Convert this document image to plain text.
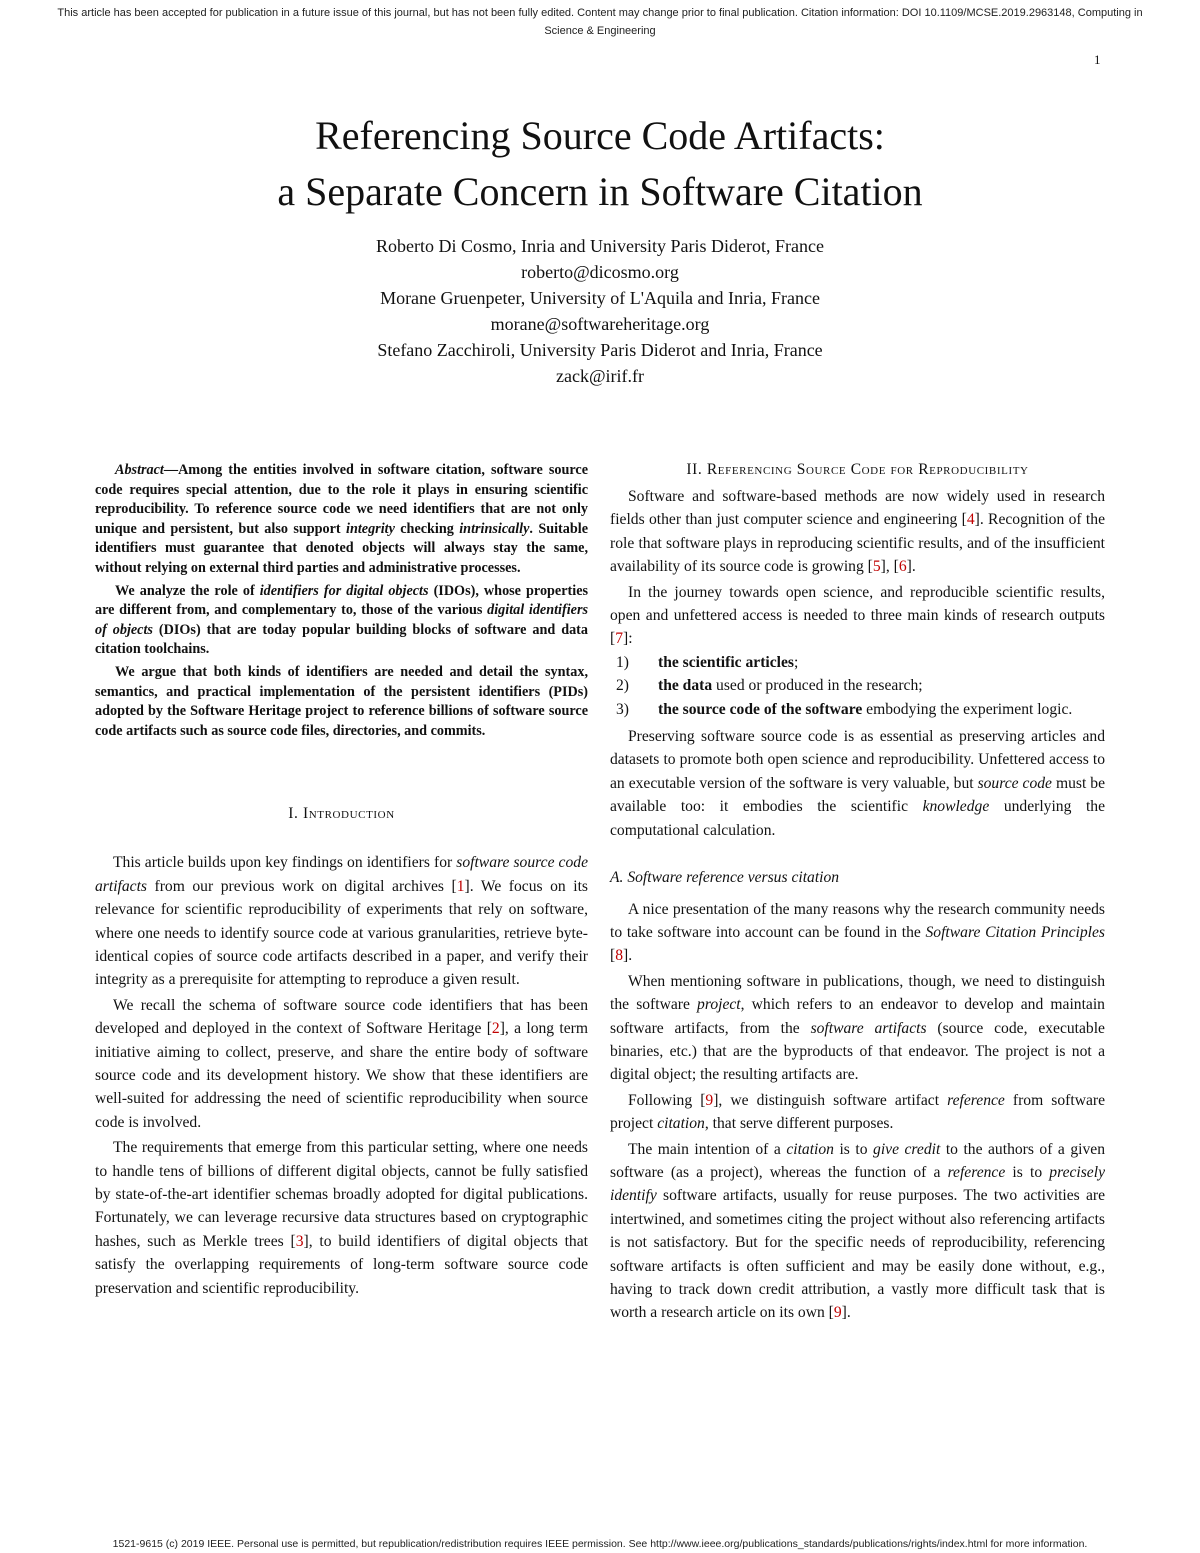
This article has been accepted for publication in a future issue of this journal, but has not been fully edited. Content may change prior to final publication. Citation information: DOI 10.1109/MCSE.2019.2963148, Computing in
Science & Engineering
1
Referencing Source Code Artifacts:
a Separate Concern in Software Citation
Roberto Di Cosmo, Inria and University Paris Diderot, France
roberto@dicosmo.org
Morane Gruenpeter, University of L'Aquila and Inria, France
morane@softwareheritage.org
Stefano Zacchiroli, University Paris Diderot and Inria, France
zack@irif.fr

Abstract—Among the entities involved in software citation, software source code requires special attention, due to the role it plays in ensuring scientific reproducibility. To reference source code we need identifiers that are not only unique and persistent, but also support integrity checking intrinsically. Suitable identifiers must guarantee that denoted objects will always stay the same, without relying on external third parties and administrative processes.

We analyze the role of identifiers for digital objects (IDOs), whose properties are different from, and complementary to, those of the various digital identifiers of objects (DIOs) that are today popular building blocks of software and data citation toolchains.

We argue that both kinds of identifiers are needed and detail the syntax, semantics, and practical implementation of the persistent identifiers (PIDs) adopted by the Software Heritage project to reference billions of software source code artifacts such as source code files, directories, and commits.

I. Introduction

This article builds upon key findings on identifiers for software source code artifacts from our previous work on digital archives [1]. We focus on its relevance for scientific reproducibility of experiments that rely on software, where one needs to identify source code at various granularities, retrieve byte-identical copies of source code artifacts described in a paper, and verify their integrity as a prerequisite for attempting to reproduce a given result.

We recall the schema of software source code identifiers that has been developed and deployed in the context of Software Heritage [2], a long term initiative aiming to collect, preserve, and share the entire body of software source code and its development history. We show that these identifiers are well-suited for addressing the need of scientific reproducibility when source code is involved.

The requirements that emerge from this particular setting, where one needs to handle tens of billions of different digital objects, cannot be fully satisfied by state-of-the-art identifier schemas broadly adopted for digital publications. Fortunately, we can leverage recursive data structures based on cryptographic hashes, such as Merkle trees [3], to build identifiers of digital objects that satisfy the overlapping requirements of long-term software source code preservation and scientific reproducibility.

II. Referencing Source Code for Reproducibility

Software and software-based methods are now widely used in research fields other than just computer science and engineering [4]. Recognition of the role that software plays in reproducing scientific results, and of the insufficient availability of its source code is growing [5], [6].

In the journey towards open science, and reproducible scientific results, open and unfettered access is needed to three main kinds of research outputs [7]:

1) the scientific articles;
2) the data used or produced in the research;
3) the source code of the software embodying the experiment logic.

Preserving software source code is as essential as preserving articles and datasets to promote both open science and reproducibility. Unfettered access to an executable version of the software is very valuable, but source code must be available too: it embodies the scientific knowledge underlying the computational calculation.

A. Software reference versus citation

A nice presentation of the many reasons why the research community needs to take software into account can be found in the Software Citation Principles [8].

When mentioning software in publications, though, we need to distinguish the software project, which refers to an endeavor to develop and maintain software artifacts, from the software artifacts (source code, executable binaries, etc.) that are the byproducts of that endeavor. The project is not a digital object; the resulting artifacts are.

Following [9], we distinguish software artifact reference from software project citation, that serve different purposes.

The main intention of a citation is to give credit to the authors of a given software (as a project), whereas the function of a reference is to precisely identify software artifacts, usually for reuse purposes. The two activities are intertwined, and sometimes citing the project without also referencing artifacts is not satisfactory. But for the specific needs of reproducibility, referencing software artifacts is often sufficient and may be easily done without, e.g., having to track down credit attribution, a vastly more difficult task that is worth a research article on its own [9].

1521-9615 (c) 2019 IEEE. Personal use is permitted, but republication/redistribution requires IEEE permission. See http://www.ieee.org/publications_standards/publications/rights/index.html for more information.
